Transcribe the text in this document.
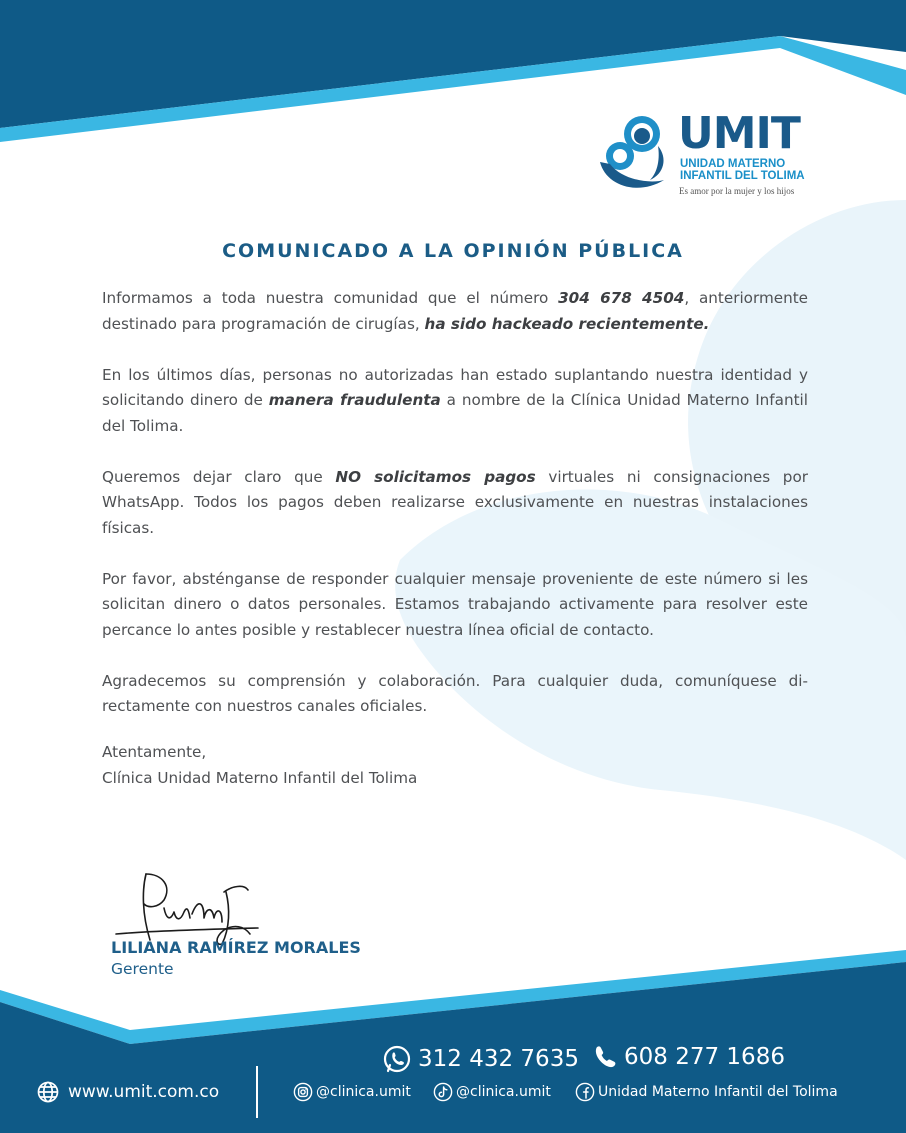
UMIT
UNIDAD MATERNO
INFANTIL DEL TOLIMA
Es amor por la mujer y los hijos
COMUNICADO A LA OPINIÓN PÚBLICA

Informamos a toda nuestra comunidad que el número 304 678 4504, anteriormente destinado para programación de cirugías, ha sido hackeado recientemente.

En los últimos días, personas no autorizadas han estado suplantando nuestra identidad y solicitando dinero de manera fraudulenta a nombre de la Clínica Unidad Materno Infantil del Tolima.

Queremos dejar claro que NO solicitamos pagos virtuales ni consignaciones por WhatsApp. Todos los pagos deben realizarse exclusivamente en nuestras instalaciones físicas.

Por favor, absténganse de responder cualquier mensaje proveniente de este número si les solicitan dinero o datos personales. Estamos trabajando activamente para resolver este percance lo antes posible y restablecer nuestra línea oficial de contacto.

Agradecemos su comprensión y colaboración. Para cualquier duda, comuníquese directamente con nuestros canales oficiales.

Atentamente,
Clínica Unidad Materno Infantil del Tolima
LILIANA RAMÍREZ MORALES
Gerente
312 432 7635 608 277 1686
www.umit.com.co	@clinica.umit	@clinica.umit	Unidad Materno Infantil del Tolima
